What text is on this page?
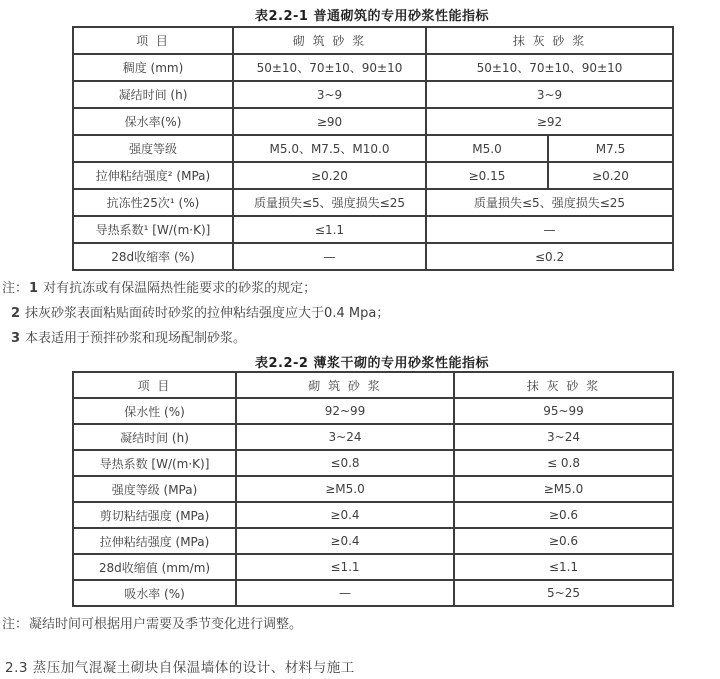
表2.2-1 普通砌筑的专用砂浆性能指标
项 目	砌 筑 砂 浆	抹 灰 砂 浆	
稠度 (mm)	50±10、70±10、90±10	50±10、70±10、90±10	
凝结时间 (h)	3~9	3~9	
保水率(%)	≥90	≥92	
强度等级	M5.0、M7.5、M10.0	M5.0	M7.5
拉伸粘结强度² (MPa)	≥0.20	≥0.15	≥0.20
抗冻性25次¹ (%)	质量损失≤5、强度损失≤25	质量损失≤5、强度损失≤25	
导热系数¹ [W/(m·K)]	≤1.1	—	
28d收缩率 (%)	—	≤0.2	
注：1 对有抗冻或有保温隔热性能要求的砂浆的规定；
2 抹灰砂浆表面粘贴面砖时砂浆的拉伸粘结强度应大于0.4 Mpa；
3 本表适用于预拌砂浆和现场配制砂浆。
表2.2-2 薄浆干砌的专用砂浆性能指标
项 目	砌 筑 砂 浆	抹 灰 砂 浆
保水性 (%)	92~99	95~99
凝结时间 (h)	3~24	3~24
导热系数 [W/(m·K)]	≤0.8	≤ 0.8
强度等级 (MPa)	≥M5.0	≥M5.0
剪切粘结强度 (MPa)	≥0.4	≥0.6
拉伸粘结强度 (MPa)	≥0.4	≥0.6
28d收缩值 (mm/m)	≤1.1	≤1.1
吸水率 (%)	—	5~25
注：凝结时间可根据用户需要及季节变化进行调整。
2.3 蒸压加气混凝土砌块自保温墙体的设计、材料与施工
